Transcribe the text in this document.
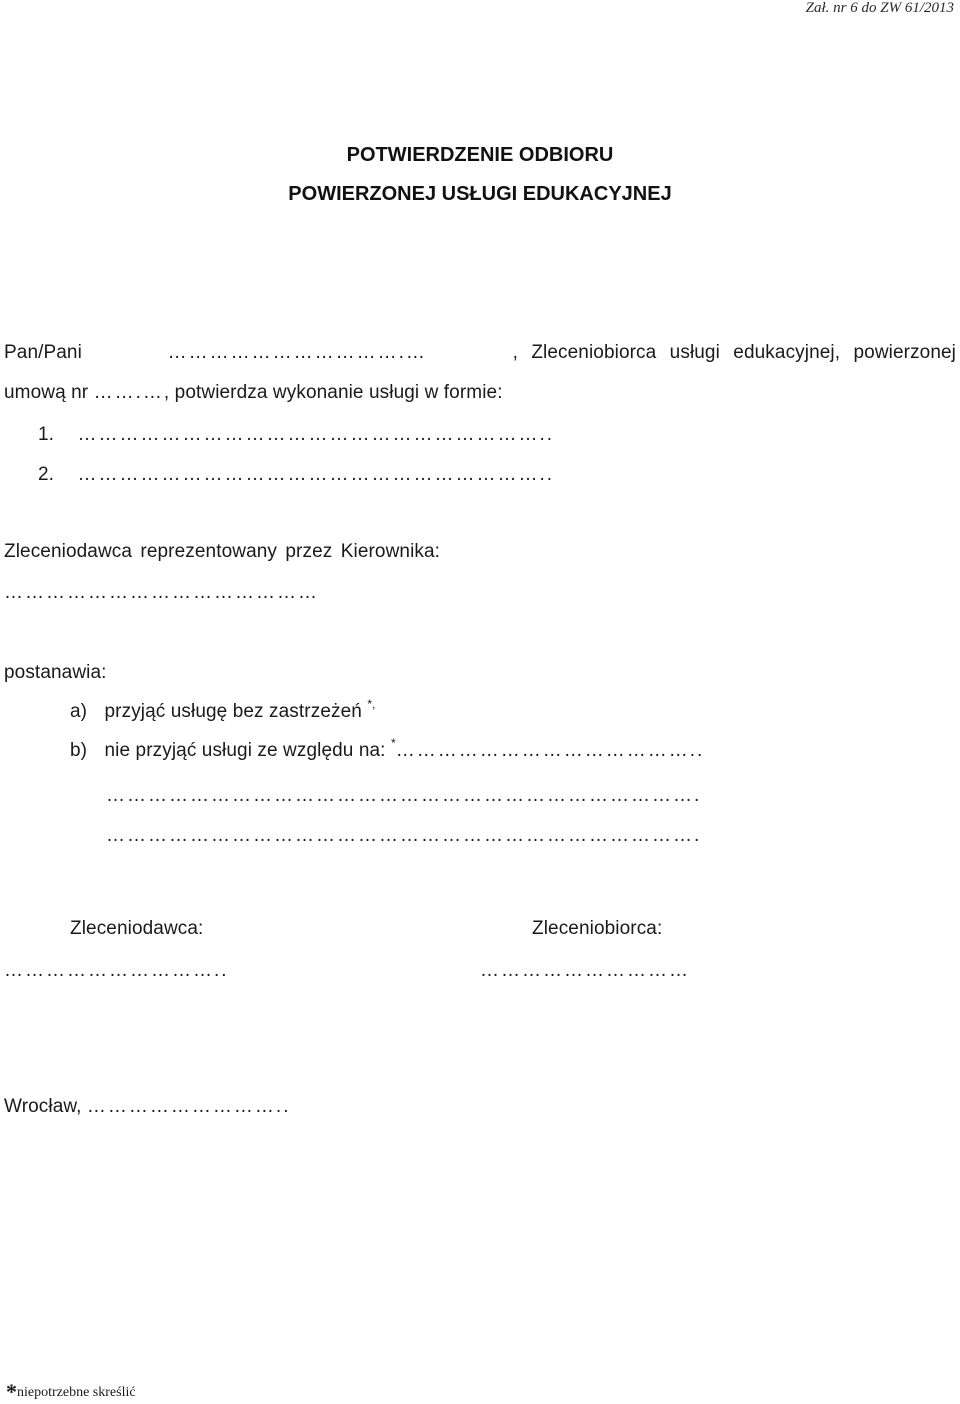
Zał. nr 6 do ZW 61/2013
POTWIERDZENIE ODBIORU
POWIERZONEJ USŁUGI EDUKACYJNEJ
Pan/Pani	…………………………….…	, Zleceniobiorca usługi edukacyjnej, powierzonej
umową nr …….…, potwierdza wykonanie usługi w formie:
1. …………………………………………………………..
2. …………………………………………………………..
Zleceniodawca reprezentowany przez Kierownika:
………………………………………
postanawia:
a) przyjąć usługę bez zastrzeżeń *,
b) nie przyjąć usługi ze względu na: *……………………………………..
………………………………………………………………………….
………………………………………………………………………….
Zleceniodawca:
…………………………..
Zleceniobiorca:
…………………………
Wrocław, ………………………..
*niepotrzebne skreślić
